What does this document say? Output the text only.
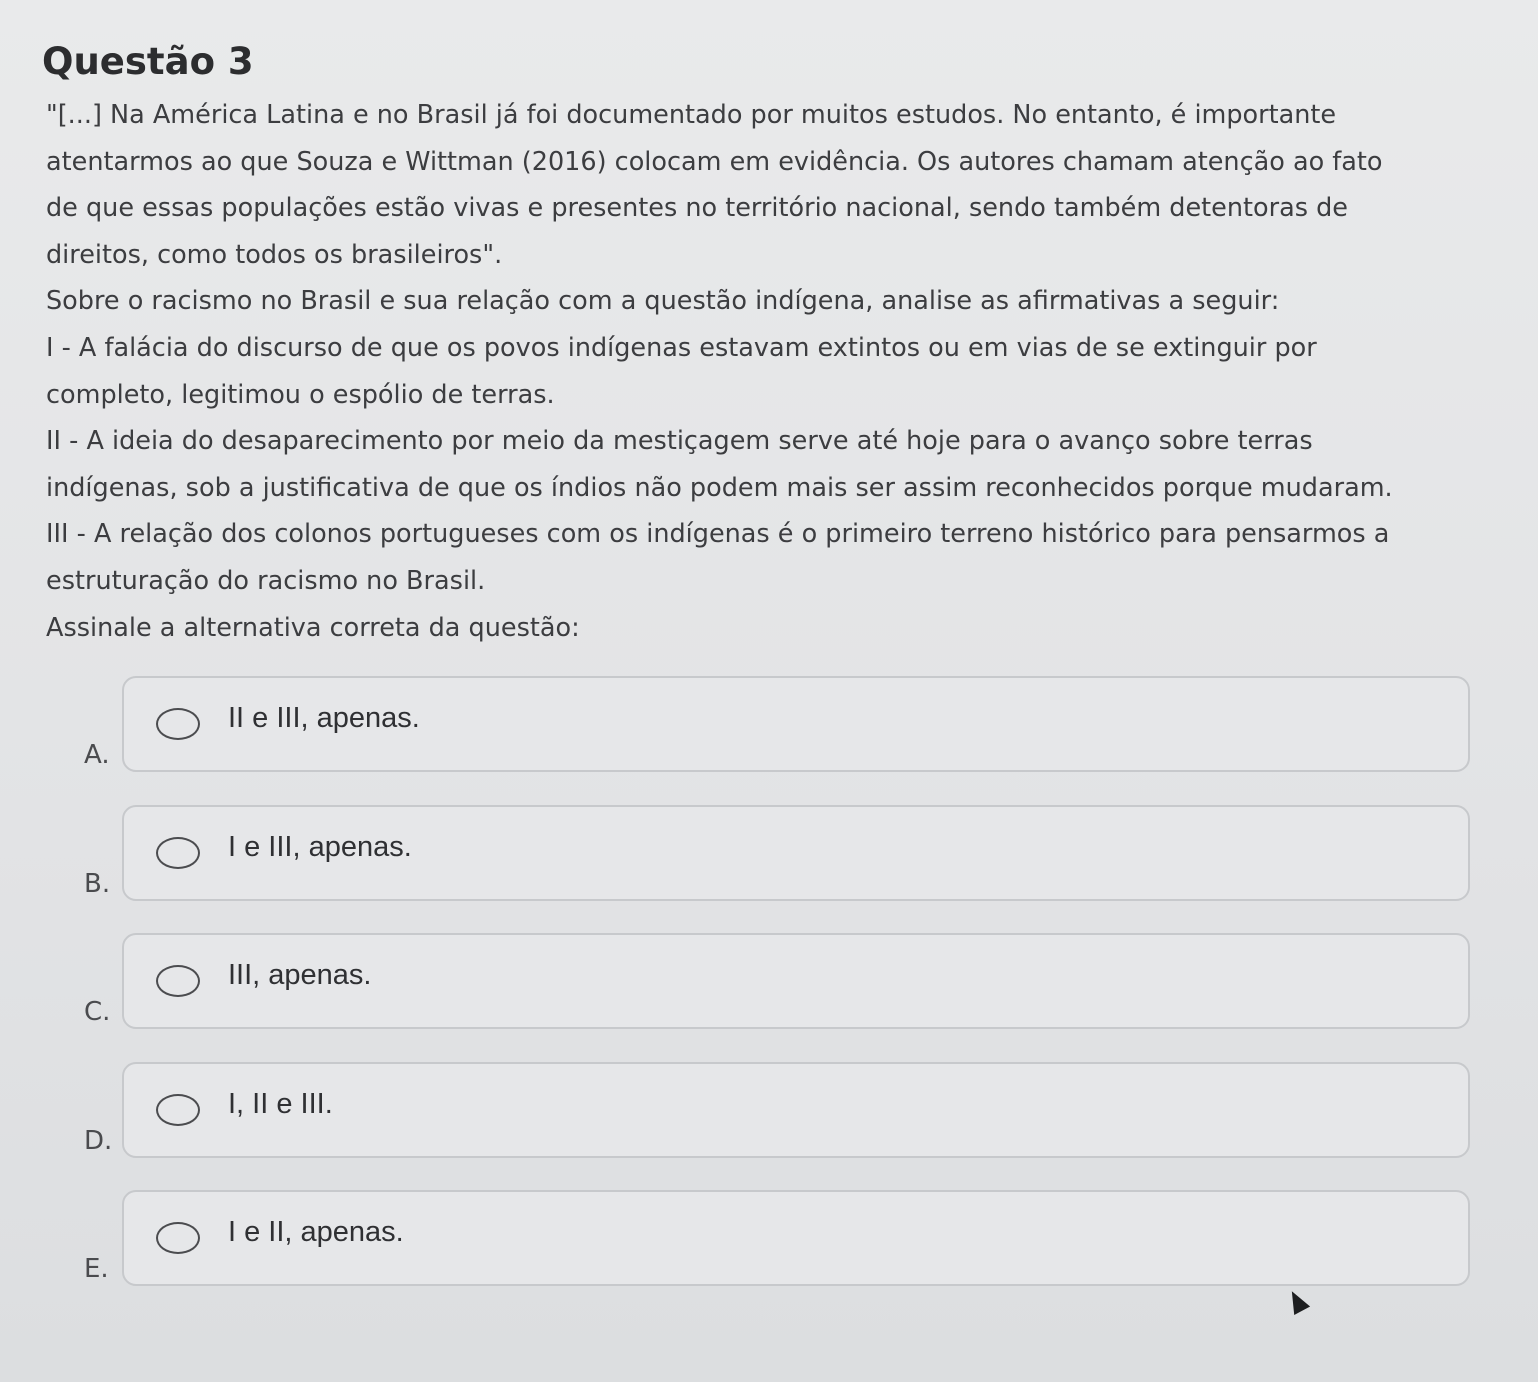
Questão 3

"[...] Na América Latina e no Brasil já foi documentado por muitos estudos. No entanto, é importante

atentarmos ao que Souza e Wittman (2016) colocam em evidência. Os autores chamam atenção ao fato

de que essas populações estão vivas e presentes no território nacional, sendo também detentoras de

direitos, como todos os brasileiros".

Sobre o racismo no Brasil e sua relação com a questão indígena, analise as afirmativas a seguir:

I - A falácia do discurso de que os povos indígenas estavam extintos ou em vias de se extinguir por

completo, legitimou o espólio de terras.

II - A ideia do desaparecimento por meio da mestiçagem serve até hoje para o avanço sobre terras

indígenas, sob a justificativa de que os índios não podem mais ser assim reconhecidos porque mudaram.

III - A relação dos colonos portugueses com os indígenas é o primeiro terreno histórico para pensarmos a

estruturação do racismo no Brasil.

Assinale a alternativa correta da questão:

A.
II e III, apenas.
B.
I e III, apenas.
C.
III, apenas.
D.
I, II e III.
E.
I e II, apenas.
